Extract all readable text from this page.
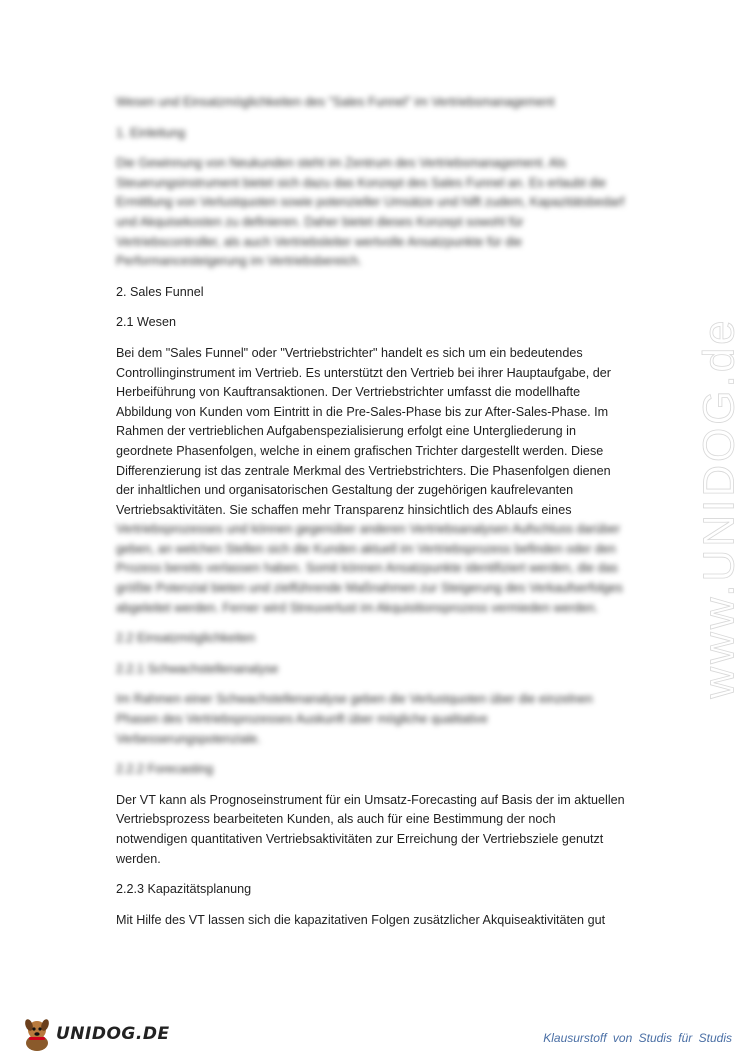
Wesen und Einsatzmöglichkeiten des "Sales Funnel" im Vertriebsmanagement

1. Einleitung

Die Gewinnung von Neukunden steht im Zentrum des Vertriebsmanagement. Als

Steuerungsinstrument bietet sich dazu das Konzept des Sales Funnel an. Es erlaubt die

Ermittlung von Verlustquoten sowie potenzieller Umsätze und hilft zudem, Kapazitätsbedarf

und Akquisekosten zu definieren. Daher bietet dieses Konzept sowohl für

Vertriebscontroller, als auch Vertriebsleiter wertvolle Ansatzpunkte für die

Performancesteigerung im Vertriebsbereich.

2. Sales Funnel

2.1 Wesen

Bei dem "Sales Funnel" oder "Vertriebstrichter" handelt es sich um ein bedeutendes

Controllinginstrument im Vertrieb. Es unterstützt den Vertrieb bei ihrer Hauptaufgabe, der

Herbeiführung von Kauftransaktionen. Der Vertriebstrichter umfasst die modellhafte

Abbildung von Kunden vom Eintritt in die Pre-Sales-Phase bis zur After-Sales-Phase. Im

Rahmen der vertrieblichen Aufgabenspezialisierung erfolgt eine Untergliederung in

geordnete Phasenfolgen, welche in einem grafischen Trichter dargestellt werden. Diese

Differenzierung ist das zentrale Merkmal des Vertriebstrichters. Die Phasenfolgen dienen

der inhaltlichen und organisatorischen Gestaltung der zugehörigen kaufrelevanten

Vertriebsaktivitäten. Sie schaffen mehr Transparenz hinsichtlich des Ablaufs eines

Vertriebsprozesses und können gegenüber anderen Vertriebsanalysen Aufschluss darüber

geben, an welchen Stellen sich die Kunden aktuell im Vertriebsprozess befinden oder den

Prozess bereits verlassen haben. Somit können Ansatzpunkte identifiziert werden, die das

größte Potenzial bieten und zielführende Maßnahmen zur Steigerung des Verkaufserfolges

abgeleitet werden. Ferner wird Streuverlust im Akquisitionsprozess vermieden werden.

2.2 Einsatzmöglichkeiten

2.2.1 Schwachstellenanalyse

Im Rahmen einer Schwachstellenanalyse geben die Verlustquoten über die einzelnen

Phasen des Vertriebsprozesses Auskunft über mögliche qualitative

Verbesserungspotenziale.

2.2.2 Forecasting

Der VT kann als Prognoseinstrument für ein Umsatz-Forecasting auf Basis der im aktuellen

Vertriebsprozess bearbeiteten Kunden, als auch für eine Bestimmung der noch

notwendigen quantitativen Vertriebsaktivitäten zur Erreichung der Vertriebsziele genutzt

werden.

2.2.3 Kapazitätsplanung

Mit Hilfe des VT lassen sich die kapazitativen Folgen zusätzlicher Akquiseaktivitäten gut

www.UNIDOG.de
UNIDOG.DE	Klausurstoff von Studis für Studis
